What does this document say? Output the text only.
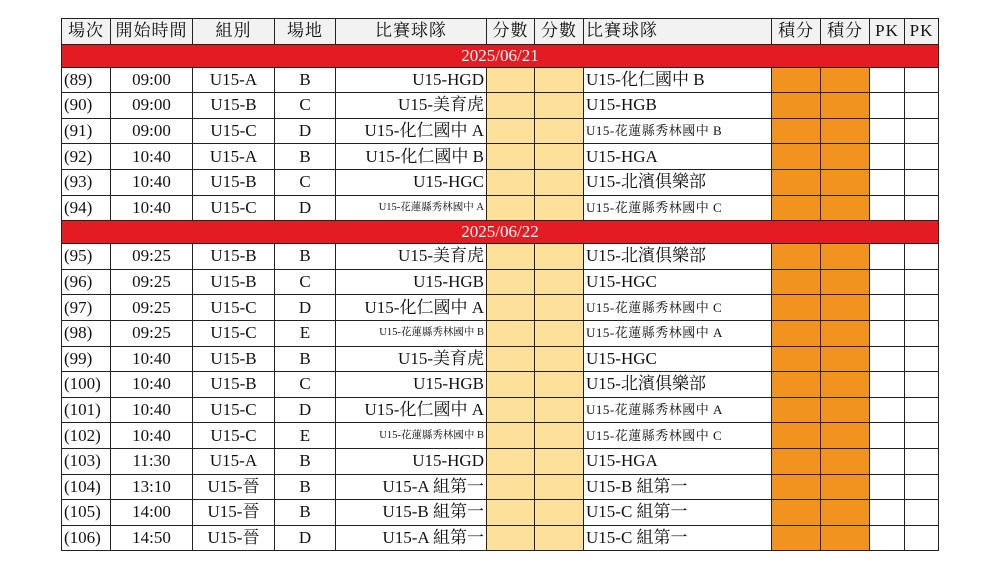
場次	開始時間	組別	場地	比賽球隊	分數	分數	比賽球隊	積分	積分	PK	PK
2025/06/21											
(89)	09:00	U15-A	B	U15-HGD			U15-化仁國中 B				
(90)	09:00	U15-B	C	U15-美育虎			U15-HGB				
(91)	09:00	U15-C	D	U15-化仁國中 A			U15-花蓮縣秀林國中 B				
(92)	10:40	U15-A	B	U15-化仁國中 B			U15-HGA				
(93)	10:40	U15-B	C	U15-HGC			U15-北濱俱樂部				
(94)	10:40	U15-C	D	U15-花蓮縣秀林國中 A			U15-花蓮縣秀林國中 C				
2025/06/22											
(95)	09:25	U15-B	B	U15-美育虎			U15-北濱俱樂部				
(96)	09:25	U15-B	C	U15-HGB			U15-HGC				
(97)	09:25	U15-C	D	U15-化仁國中 A			U15-花蓮縣秀林國中 C				
(98)	09:25	U15-C	E	U15-花蓮縣秀林國中 B			U15-花蓮縣秀林國中 A				
(99)	10:40	U15-B	B	U15-美育虎			U15-HGC				
(100)	10:40	U15-B	C	U15-HGB			U15-北濱俱樂部				
(101)	10:40	U15-C	D	U15-化仁國中 A			U15-花蓮縣秀林國中 A				
(102)	10:40	U15-C	E	U15-花蓮縣秀林國中 B			U15-花蓮縣秀林國中 C				
(103)	11:30	U15-A	B	U15-HGD			U15-HGA				
(104)	13:10	U15-晉	B	U15-A 組第一			U15-B 組第一				
(105)	14:00	U15-晉	B	U15-B 組第一			U15-C 組第一				
(106)	14:50	U15-晉	D	U15-A 組第一			U15-C 組第一				
